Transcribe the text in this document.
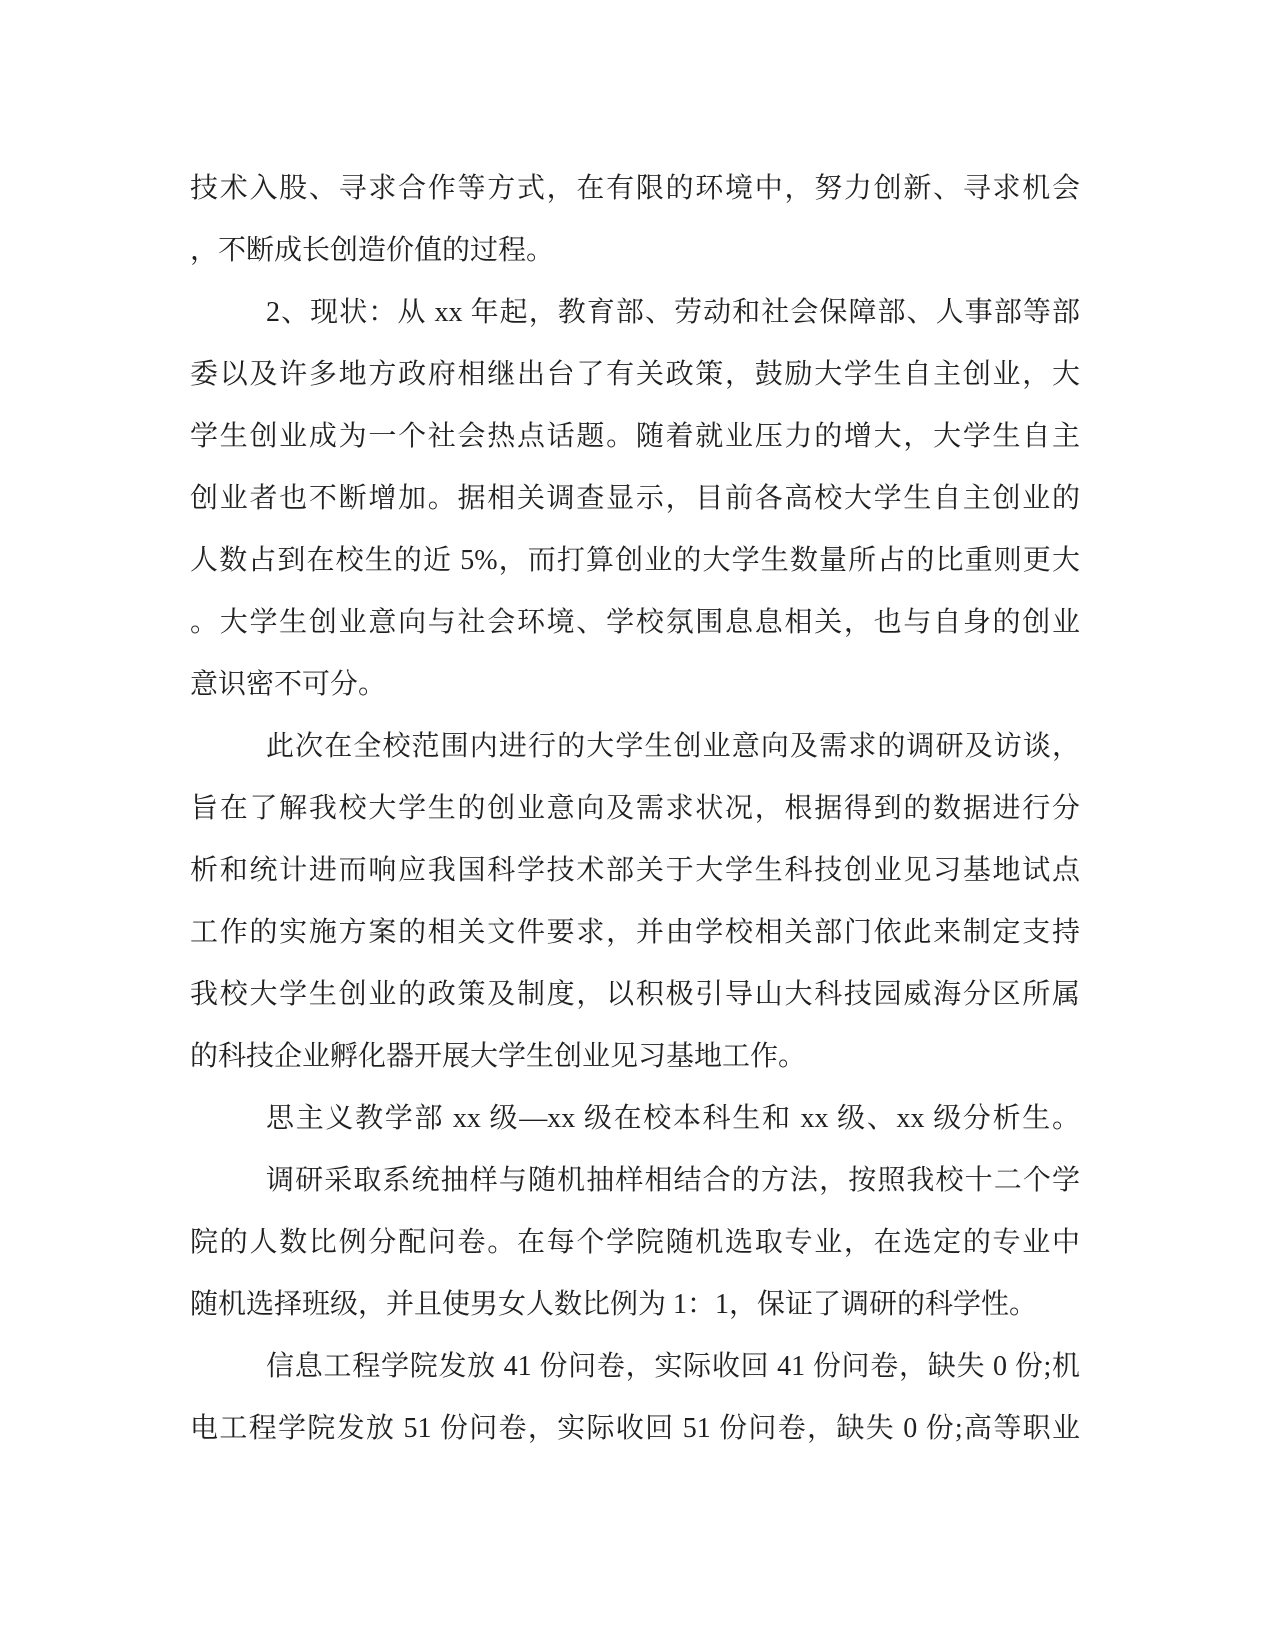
技术入股、寻求合作等方式，在有限的环境中，努力创新、寻求机会
，不断成长创造价值的过程。
2、现状：从 xx 年起，教育部、劳动和社会保障部、人事部等部
委以及许多地方政府相继出台了有关政策，鼓励大学生自主创业，大
学生创业成为一个社会热点话题。随着就业压力的增大，大学生自主
创业者也不断增加。据相关调查显示，目前各高校大学生自主创业的
人数占到在校生的近 5%，而打算创业的大学生数量所占的比重则更大
。大学生创业意向与社会环境、学校氛围息息相关，也与自身的创业
意识密不可分。
此次在全校范围内进行的大学生创业意向及需求的调研及访谈，
旨在了解我校大学生的创业意向及需求状况，根据得到的数据进行分
析和统计进而响应我国科学技术部关于大学生科技创业见习基地试点
工作的实施方案的相关文件要求，并由学校相关部门依此来制定支持
我校大学生创业的政策及制度，以积极引导山大科技园威海分区所属
的科技企业孵化器开展大学生创业见习基地工作。
思主义教学部 xx 级—xx 级在校本科生和 xx 级、xx 级分析生。
调研采取系统抽样与随机抽样相结合的方法，按照我校十二个学
院的人数比例分配问卷。在每个学院随机选取专业，在选定的专业中
随机选择班级，并且使男女人数比例为 1：1，保证了调研的科学性。
信息工程学院发放 41 份问卷，实际收回 41 份问卷，缺失 0 份;机
电工程学院发放 51 份问卷，实际收回 51 份问卷，缺失 0 份;高等职业
